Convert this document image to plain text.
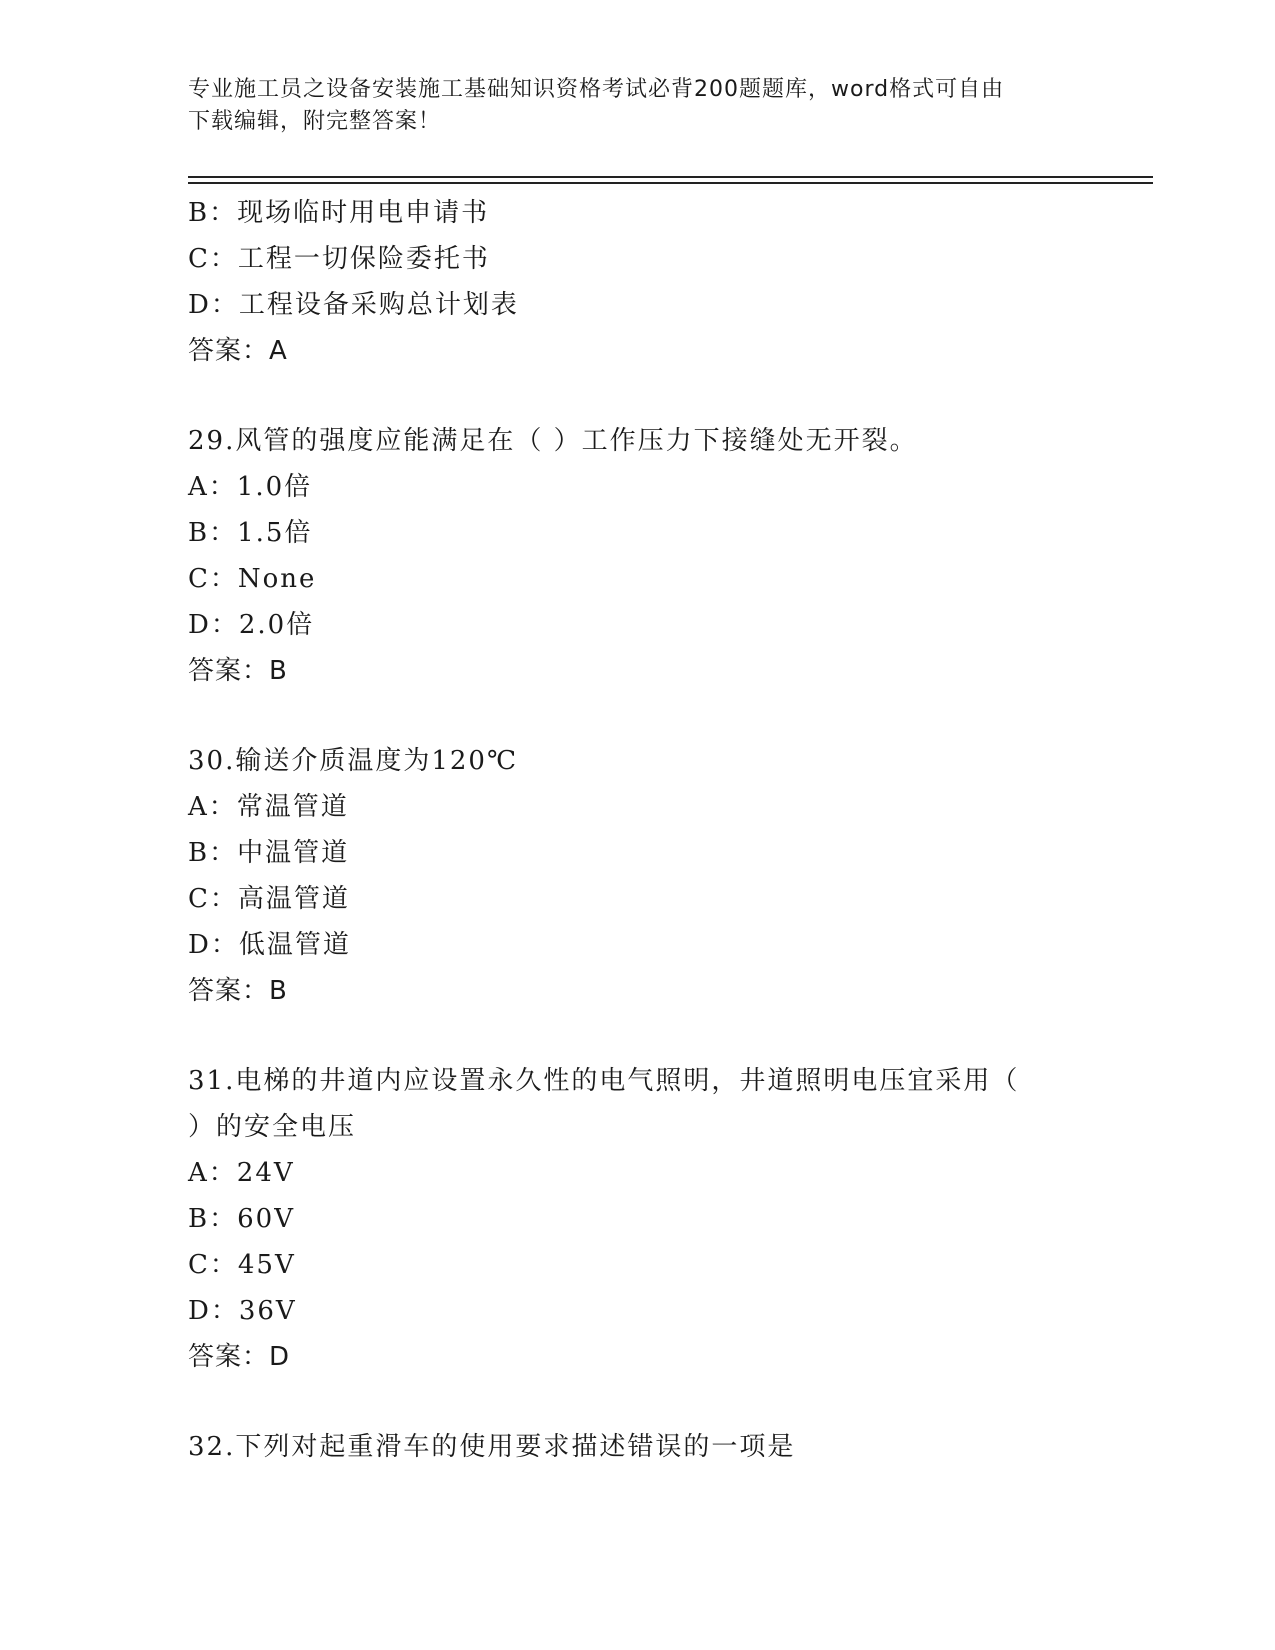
专业施工员之设备安装施工基础知识资格考试必背200题题库，word格式可自由
下载编辑，附完整答案！
B：现场临时用电申请书
C：工程一切保险委托书
D：工程设备采购总计划表
答案：A
29.风管的强度应能满足在（ ）工作压力下接缝处无开裂。
A：1.0倍
B：1.5倍
C：None
D：2.0倍
答案：B
30.输送介质温度为120℃
A：常温管道
B：中温管道
C：高温管道
D：低温管道
答案：B
31.电梯的井道内应设置永久性的电气照明，井道照明电压宜采用（
）的安全电压
A：24V
B：60V
C：45V
D：36V
答案：D
32.下列对起重滑车的使用要求描述错误的一项是
